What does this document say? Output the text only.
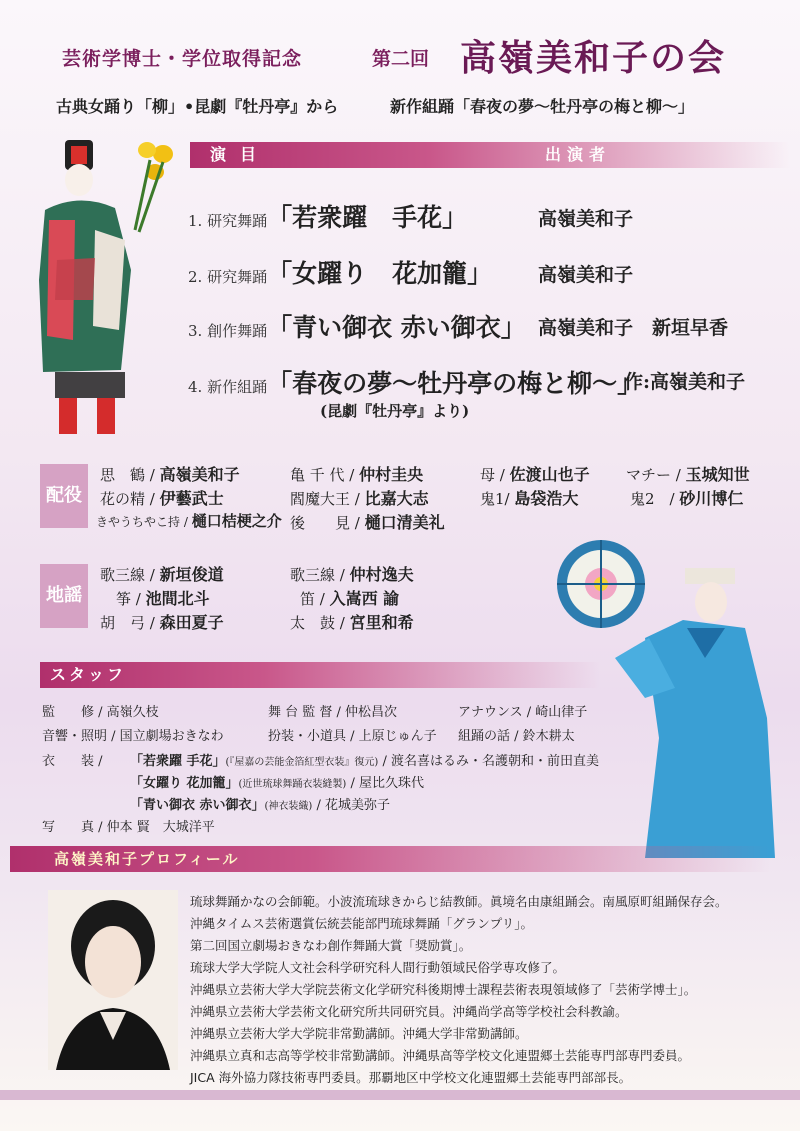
芸術学博士・学位取得記念	第二回 高嶺美和子の会
古典女踊り「柳」•昆劇『牡丹亭』から	新作組踊「春夜の夢〜牡丹亭の梅と柳〜」
演目	出演者
1. 研究舞踊「若衆躍　手花」	高嶺美和子
2. 研究舞踊「女躍り　花加籠」 高嶺美和子
3. 創作舞踊「青い御衣 赤い御衣」 高嶺美和子　新垣早香
4. 新作組踊「春夜の夢〜牡丹亭の梅と柳〜」
作:高嶺美和子
(昆劇『牡丹亭』より)
配役
思　鶴 / 高嶺美和子	亀 千 代 / 仲村圭央	母 / 佐渡山也子 マチー / 玉城知世
花の精 / 伊藝武士	閻魔大王 / 比嘉大志	鬼1/ 島袋浩大	鬼2　/ 砂川博仁
きやうちやこ持 / 樋口桔梗之介 後　　見 / 樋口清美礼
地謡
歌三線 / 新垣俊道	歌三線 / 仲村逸夫
筝 / 池間北斗	笛 / 入嵩西 諭
胡　弓 / 森田夏子	太　鼓 / 宮里和希
スタッフ
監　　修 / 高嶺久枝	舞 台 監 督 / 仲松昌次	アナウンス / 崎山律子
音響・照明 / 国立劇場おきなわ	扮装・小道具 / 上原じゅん子 組踊の話 / 鈴木耕太
衣　　装 / 「若衆躍 手花」(『屋嘉の芸能金箔紅型衣装』復元) / 渡名喜はるみ・名護朝和・前田直美
「女躍り 花加籠」(近世琉球舞踊衣装縫製) / 屋比久珠代
「青い御衣 赤い御衣」(神衣装織) / 花城美弥子
写　　真 / 仲本 賢　大城洋平
高嶺美和子プロフィール
琉球舞踊かなの会師範。小波流琉球きからじ結教師。眞境名由康組踊会。南風原町組踊保存会。
沖縄タイムス芸術選賞伝統芸能部門琉球舞踊「グランプリ」。
第二回国立劇場おきなわ創作舞踊大賞「奨励賞」。
琉球大学大学院人文社会科学研究科人間行動領域民俗学専攻修了。
沖縄県立芸術大学大学院芸術文化学研究科後期博士課程芸術表現領域修了「芸術学博士」。
沖縄県立芸術大学芸術文化研究所共同研究員。沖縄尚学高等学校社会科教諭。
沖縄県立芸術大学大学院非常勤講師。沖縄大学非常勤講師。
沖縄県立真和志高等学校非常勤講師。沖縄県高等学校文化連盟郷土芸能専門部専門委員。
JICA 海外協力隊技術専門委員。那覇地区中学校文化連盟郷土芸能専門部部長。
